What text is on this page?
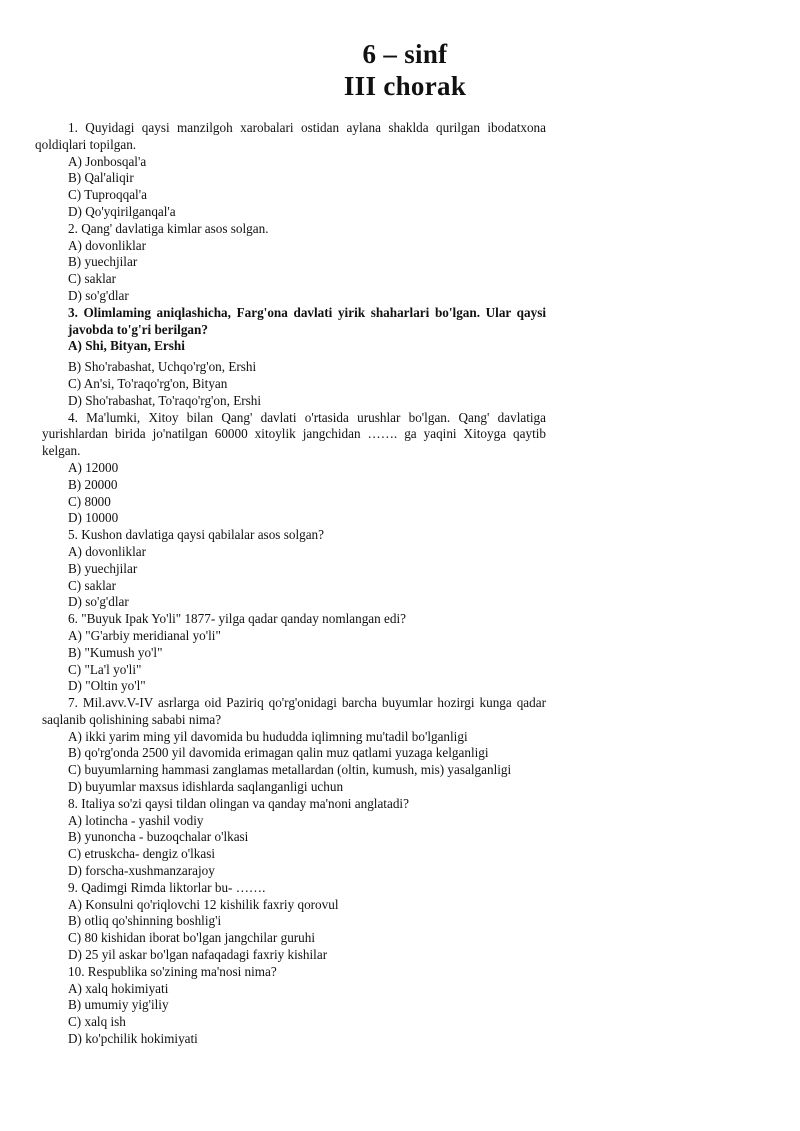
6 – sinf
III chorak

1. Quyidagi qaysi manzilgoh xarobalari ostidan aylana shaklda qurilgan ibodatxona qoldiqlari topilgan.

A) Jonbosqal'a
B) Qal'aliqir
C) Tuproqqal'a
D) Qo'yqirilganqal'a

2. Qang' davlatiga kimlar asos solgan.

A) dovonliklar
B) yuechjilar
C) saklar
D) so'g'dlar

3. Olimlaming aniqlashicha, Farg'ona davlati yirik shaharlari bo'lgan. Ular qaysi javobda to'g'ri berilgan?

A) Shi, Bityan, Ershi
B) Sho'rabashat, Uchqo'rg'on, Ershi
C) An'si, To'raqo'rg'on, Bityan
D) Sho'rabashat, To'raqo'rg'on, Ershi

4. Ma'lumki, Xitoy bilan Qang' davlati o'rtasida urushlar bo'lgan. Qang' davlatiga yurishlardan birida jo'natilgan 60000 xitoylik jangchidan ……. ga yaqini Xitoyga qaytib kelgan.

A) 12000
B) 20000
C) 8000
D) 10000

5. Kushon davlatiga qaysi qabilalar asos solgan?

A) dovonliklar
B) yuechjilar
C) saklar
D) so'g'dlar

6. "Buyuk Ipak Yo'li" 1877- yilga qadar qanday nomlangan edi?

A) "G'arbiy meridianal yo'li"
B) "Kumush yo'l"
C) "La'l yo'li"
D) "Oltin yo'l"

7. Mil.avv.V-IV asrlarga oid Paziriq qo'rg'onidagi barcha buyumlar hozirgi kunga qadar saqlanib qolishining sababi nima?

A) ikki yarim ming yil davomida bu hududda iqlimning mu'tadil bo'lganligi
B) qo'rg'onda 2500 yil davomida erimagan qalin muz qatlami yuzaga kelganligi
C) buyumlarning hammasi zanglamas metallardan (oltin, kumush, mis) yasalganligi
D) buyumlar maxsus idishlarda saqlanganligi uchun

8. Italiya so'zi qaysi tildan olingan va qanday ma'noni anglatadi?

A) lotincha - yashil vodiy
B) yunoncha - buzoqchalar o'lkasi
C) etruskcha- dengiz o'lkasi
D) forscha-xushmanzarajoy

9. Qadimgi Rimda liktorlar bu- …….

A) Konsulni qo'riqlovchi 12 kishilik faxriy qorovul
B) otliq qo'shinning boshlig'i
C) 80 kishidan iborat bo'lgan jangchilar guruhi
D) 25 yil askar bo'lgan nafaqadagi faxriy kishilar

10. Respublika so'zining ma'nosi nima?

A) xalq hokimiyati
B) umumiy yig'iliy
C) xalq ish
D) ko'pchilik hokimiyati
